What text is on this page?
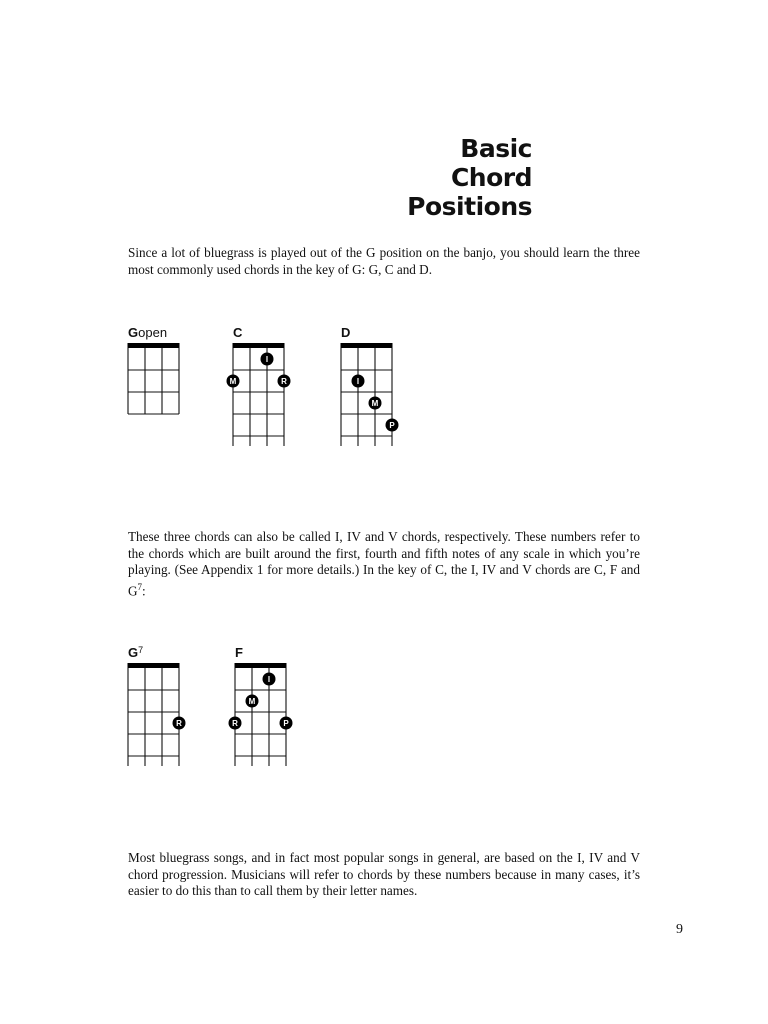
Basic
Chord
Positions

Since a lot of bluegrass is played out of the G position on the banjo, you should learn the three most commonly used chords in the key of G: G, C and D.

Gopen	C
I
M	R
D
I
M
P

These three chords can also be called I, IV and V chords, respectively. These numbers refer to the chords which are built around the first, fourth and fifth notes of any scale in which you’re playing. (See Appendix 1 for more details.) In the key of C, the I, IV and V chords are C, F and $G^7$:

$G^7$
R
F
I
M
R	P

Most bluegrass songs, and in fact most popular songs in general, are based on the I, IV and V chord progression. Musicians will refer to chords by these numbers because in many cases, it’s easier to do this than to call them by their letter names.

9
